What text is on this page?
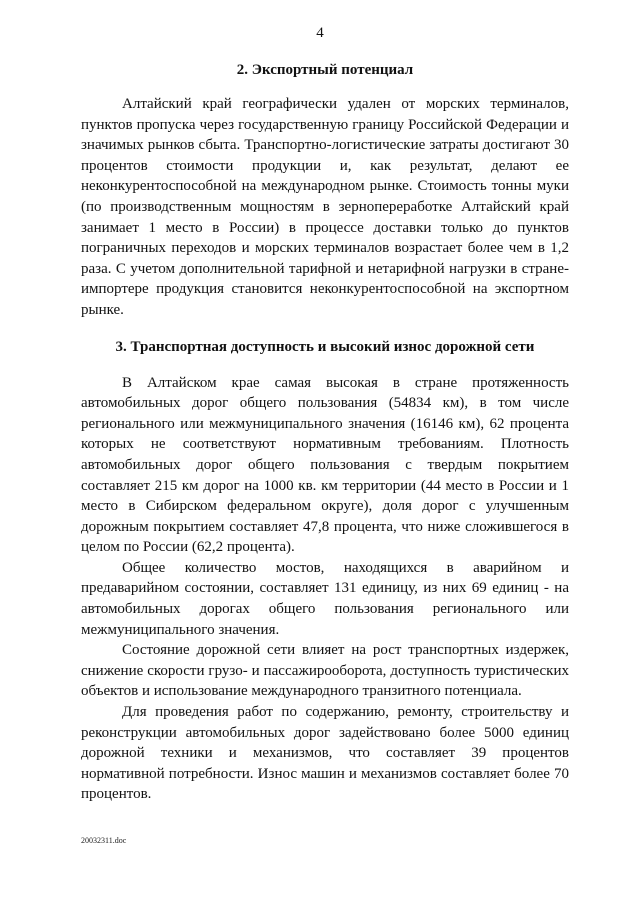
4
2. Экспортный потенциал

Алтайский край географически удален от морских терминалов, пунктов пропуска через государственную границу Российской Федерации и значимых рынков сбыта. Транспортно-логистические затраты достигают 30 процентов стоимости продукции и, как результат, делают ее неконкурентоспособной на международном рынке. Стоимость тонны муки (по производственным мощностям в зернопереработке Алтайский край занимает 1 место в России) в процессе доставки только до пунктов пограничных переходов и морских терминалов возрастает более чем в 1,2 раза. С учетом дополнительной тарифной и нетарифной нагрузки в стране-импортере продукция становится неконкурентоспособной на экспортном рынке.

3. Транспортная доступность и высокий износ дорожной сети

В Алтайском крае самая высокая в стране протяженность автомобильных дорог общего пользования (54834 км), в том числе регионального или межмуниципального значения (16146 км), 62 процента которых не соответствуют нормативным требованиям. Плотность автомобильных дорог общего пользования с твердым покрытием составляет 215 км дорог на 1000 кв. км территории (44 место в России и 1 место в Сибирском федеральном округе), доля дорог с улучшенным дорожным покрытием составляет 47,8 процента, что ниже сложившегося в целом по России (62,2 процента).

Общее количество мостов, находящихся в аварийном и предаварийном состоянии, составляет 131 единицу, из них 69 единиц - на автомобильных дорогах общего пользования регионального или межмуниципального значения.

Состояние дорожной сети влияет на рост транспортных издержек, снижение скорости грузо- и пассажирооборота, доступность туристических объектов и использование международного транзитного потенциала.

Для проведения работ по содержанию, ремонту, строительству и реконструкции автомобильных дорог задействовано более 5000 единиц дорожной техники и механизмов, что составляет 39 процентов нормативной потребности. Износ машин и механизмов составляет более 70 процентов.

20032311.doc
